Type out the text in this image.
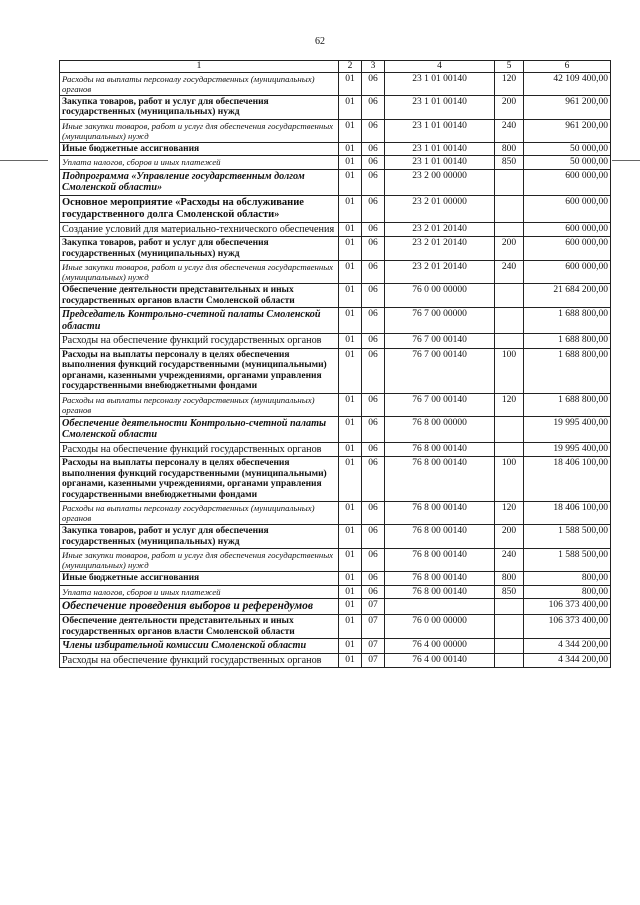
62
1	2	3	4	5	6
Расходы на выплаты персоналу государственных (муниципальных) органов	01	06	23 1 01 00140	120	42 109 400,00
Закупка товаров, работ и услуг для обеспечения государственных (муниципальных) нужд	01	06	23 1 01 00140	200	961 200,00
Иные закупки товаров, работ и услуг для обеспечения государственных (муниципальных) нужд	01	06	23 1 01 00140	240	961 200,00
Иные бюджетные ассигнования	01	06	23 1 01 00140	800	50 000,00
Уплата налогов, сборов и иных платежей	01	06	23 1 01 00140	850	50 000,00
Подпрограмма «Управление государственным долгом Смоленской области»	01	06	23 2 00 00000		600 000,00
Основное мероприятие «Расходы на обслуживание государственного долга Смоленской области»	01	06	23 2 01 00000		600 000,00
Создание условий для материально-технического обеспечения	01	06	23 2 01 20140		600 000,00
Закупка товаров, работ и услуг для обеспечения государственных (муниципальных) нужд	01	06	23 2 01 20140	200	600 000,00
Иные закупки товаров, работ и услуг для обеспечения государственных (муниципальных) нужд	01	06	23 2 01 20140	240	600 000,00
Обеспечение деятельности представительных и иных государственных органов власти Смоленской области	01	06	76 0 00 00000		21 684 200,00
Председатель Контрольно-счетной палаты Смоленской области	01	06	76 7 00 00000		1 688 800,00
Расходы на обеспечение функций государственных органов	01	06	76 7 00 00140		1 688 800,00
Расходы на выплаты персоналу в целях обеспечения выполнения функций государственными (муниципальными) органами, казенными учреждениями, органами управления государственными внебюджетными фондами	01	06	76 7 00 00140	100	1 688 800,00
Расходы на выплаты персоналу государственных (муниципальных) органов	01	06	76 7 00 00140	120	1 688 800,00
Обеспечение деятельности Контрольно-счетной палаты Смоленской области	01	06	76 8 00 00000		19 995 400,00
Расходы на обеспечение функций государственных органов	01	06	76 8 00 00140		19 995 400,00
Расходы на выплаты персоналу в целях обеспечения выполнения функций государственными (муниципальными) органами, казенными учреждениями, органами управления государственными внебюджетными фондами	01	06	76 8 00 00140	100	18 406 100,00
Расходы на выплаты персоналу государственных (муниципальных) органов	01	06	76 8 00 00140	120	18 406 100,00
Закупка товаров, работ и услуг для обеспечения государственных (муниципальных) нужд	01	06	76 8 00 00140	200	1 588 500,00
Иные закупки товаров, работ и услуг для обеспечения государственных (муниципальных) нужд	01	06	76 8 00 00140	240	1 588 500,00
Иные бюджетные ассигнования	01	06	76 8 00 00140	800	800,00
Уплата налогов, сборов и иных платежей	01	06	76 8 00 00140	850	800,00
Обеспечение проведения выборов и референдумов	01	07			106 373 400,00
Обеспечение деятельности представительных и иных государственных органов власти Смоленской области	01	07	76 0 00 00000		106 373 400,00
Члены избирательной комиссии Смоленской области	01	07	76 4 00 00000		4 344 200,00
Расходы на обеспечение функций государственных органов	01	07	76 4 00 00140		4 344 200,00
